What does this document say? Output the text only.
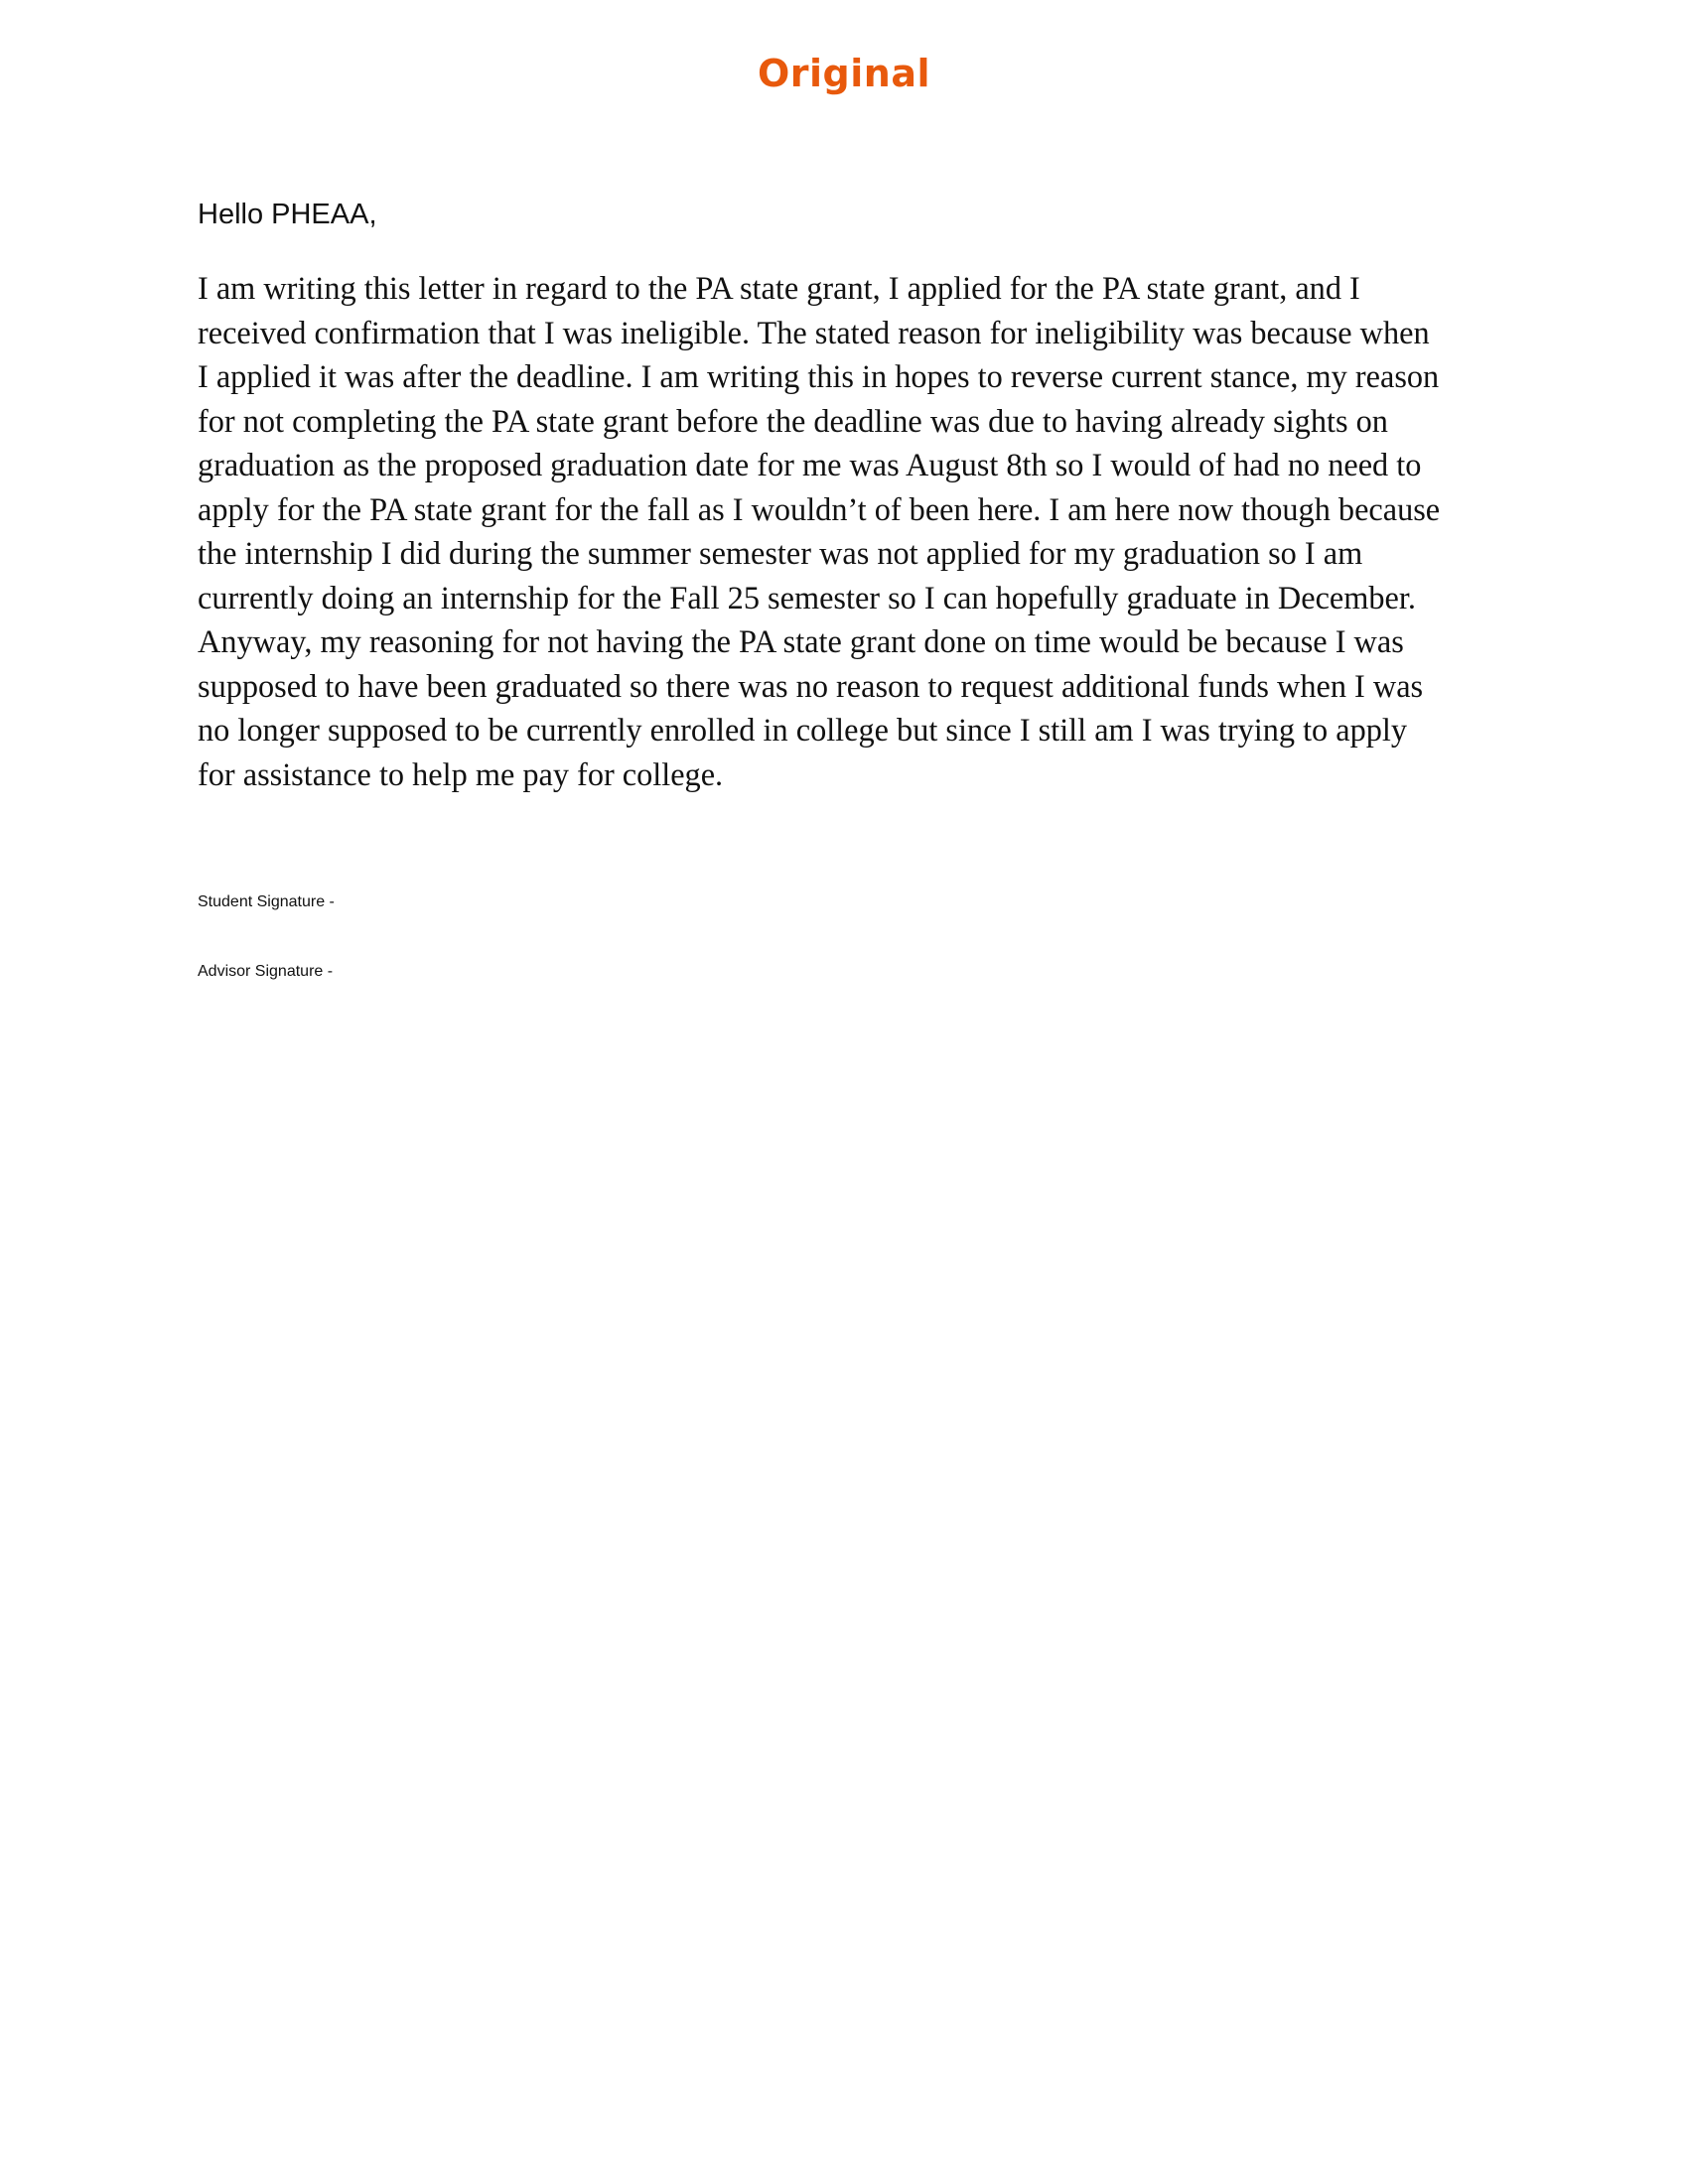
Original

Hello PHEAA,

I am writing this letter in regard to the PA state grant, I applied for the PA state grant, and I
received confirmation that I was ineligible. The stated reason for ineligibility was because when
I applied it was after the deadline. I am writing this in hopes to reverse current stance, my reason
for not completing the PA state grant before the deadline was due to having already sights on
graduation as the proposed graduation date for me was August 8th so I would of had no need to
apply for the PA state grant for the fall as I wouldn’t of been here. I am here now though because
the internship I did during the summer semester was not applied for my graduation so I am
currently doing an internship for the Fall 25 semester so I can hopefully graduate in December.
Anyway, my reasoning for not having the PA state grant done on time would be because I was
supposed to have been graduated so there was no reason to request additional funds when I was
no longer supposed to be currently enrolled in college but since I still am I was trying to apply
for assistance to help me pay for college.

Student Signature -

Advisor Signature -
